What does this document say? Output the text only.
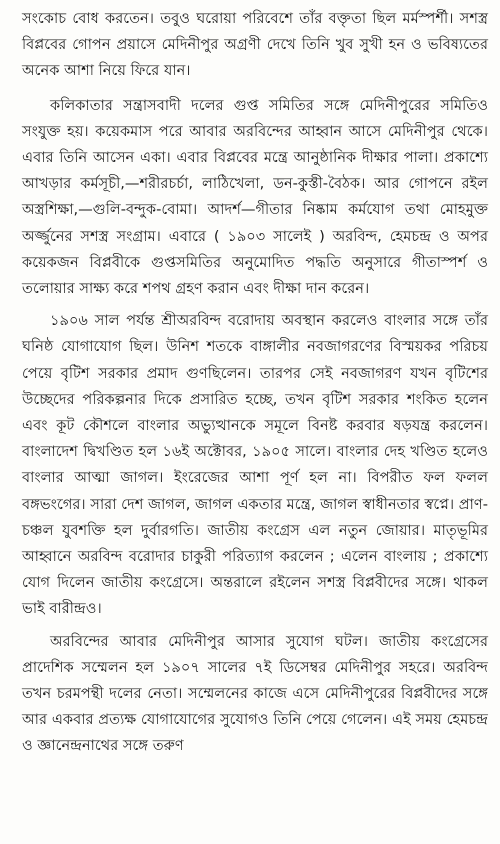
সংকোচ বোধ করতেন। তবুও ঘরোয়া পরিবেশে তাঁর বক্তৃতা ছিল মর্মস্পর্শী। সশস্ত্র বিপ্লবের গোপন প্রয়াসে মেদিনীপুর অগ্রণী দেখে তিনি খুব সুখী হন ও ভবিষ্যতের অনেক আশা নিয়ে ফিরে যান।

কলিকাতার সন্ত্রাসবাদী দলের গুপ্ত সমিতির সঙ্গে মেদিনীপুরের সমিতিও সংযুক্ত হয়। কয়েকমাস পরে আবার অরবিন্দের আহ্বান আসে মেদিনীপুর থেকে। এবার তিনি আসেন একা। এবার বিপ্লবের মন্ত্রে আনুষ্ঠানিক দীক্ষার পালা। প্রকাশ্যে আখড়ার কর্মসূচী,—শরীরচর্চা, লাঠিখেলা, ডন-কুস্তী-বৈঠক। আর গোপনে রইল অস্ত্রশিক্ষা,—গুলি-বন্দুক-বোমা। আদর্শ—গীতার নিষ্কাম কর্মযোগ তথা মোহমুক্ত অর্জ্জুনের সশস্ত্র সংগ্রাম। এবারে ( ১৯০৩ সালেই ) অরবিন্দ, হেমচন্দ্র ও অপর কয়েকজন বিপ্লবীকে গুপ্তসমিতির অনুমোদিত পদ্ধতি অনুসারে গীতাস্পর্শ ও তলোয়ার সাক্ষ্য করে শপথ গ্রহণ করান এবং দীক্ষা দান করেন।

১৯০৬ সাল পর্যন্ত শ্রীঅরবিন্দ বরোদায় অবস্থান করলেও বাংলার সঙ্গে তাঁর ঘনিষ্ঠ যোগাযোগ ছিল। উনিশ শতকে বাঙ্গালীর নবজাগরণের বিস্ময়কর পরিচয় পেয়ে বৃটিশ সরকার প্রমাদ গুণছিলেন। তারপর সেই নবজাগরণ যখন বৃটিশের উচ্ছেদের পরিকল্পনার দিকে প্রসারিত হচ্ছে, তখন বৃটিশ সরকার শংকিত হলেন এবং কূট কৌশলে বাংলার অভ্যুত্থানকে সমূলে বিনষ্ট করবার ষড়যন্ত্র করলেন। বাংলাদেশ দ্বিখণ্ডিত হল ১৬ই অক্টোবর, ১৯০৫ সালে। বাংলার দেহ খণ্ডিত হলেও বাংলার আত্মা জাগল। ইংরেজের আশা পূর্ণ হল না। বিপরীত ফল ফলল বঙ্গভংগের। সারা দেশ জাগল, জাগল একতার মন্ত্রে, জাগল স্বাধীনতার স্বপ্নে। প্রাণ-চঞ্চল যুবশক্তি হল দুর্বারগতি। জাতীয় কংগ্রেস এল নতুন জোয়ার। মাতৃভূমির আহ্বানে অরবিন্দ বরোদার চাকুরী পরিত্যাগ করলেন ; এলেন বাংলায় ; প্রকাশ্যে যোগ দিলেন জাতীয় কংগ্রেসে। অন্তরালে রইলেন সশস্ত্র বিপ্লবীদের সঙ্গে। থাকল ভাই বারীন্দ্রও।

অরবিন্দের আবার মেদিনীপুর আসার সুযোগ ঘটল। জাতীয় কংগ্রেসের প্রাদেশিক সম্মেলন হল ১৯০৭ সালের ৭ই ডিসেম্বর মেদিনীপুর সহরে। অরবিন্দ তখন চরমপন্থী দলের নেতা। সম্মেলনের কাজে এসে মেদিনীপুরের বিপ্লবীদের সঙ্গে আর একবার প্রত্যক্ষ যোগাযোগের সুযোগও তিনি পেয়ে গেলেন। এই সময় হেমচন্দ্র ও জ্ঞানেন্দ্রনাথের সঙ্গে তরুণ
